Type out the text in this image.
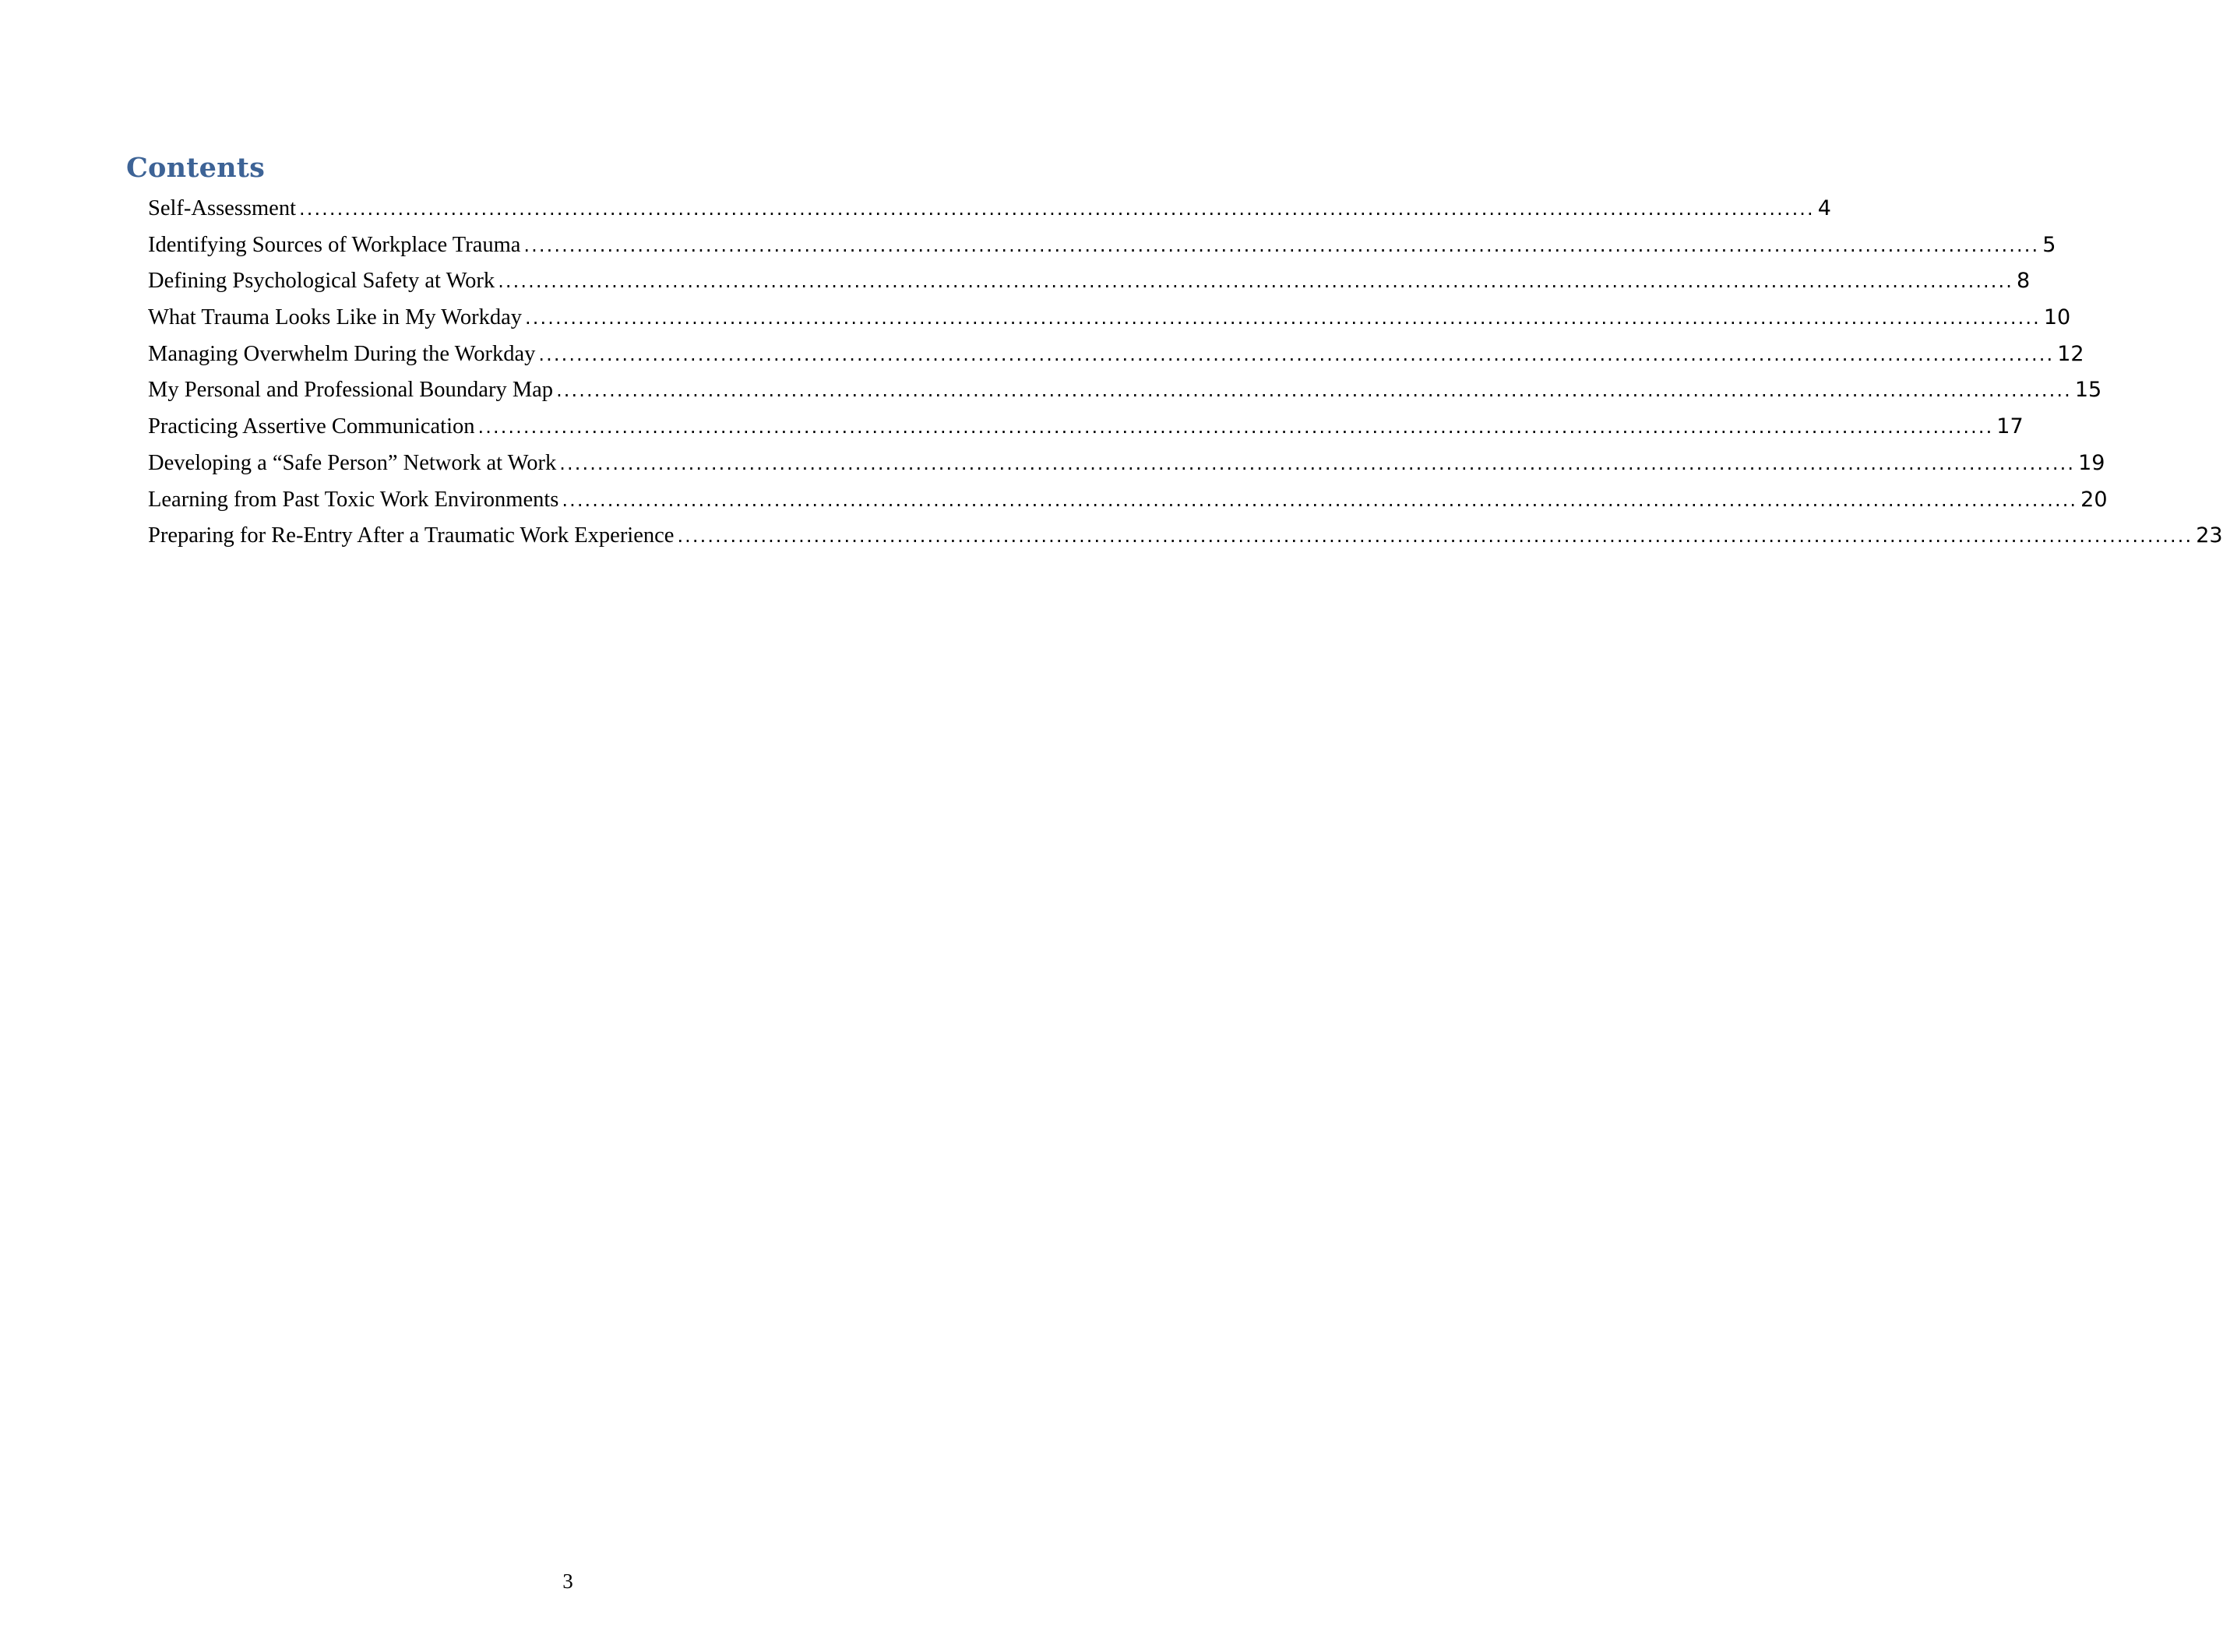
Contents
Self-Assessment ........................................................................................................................................................................................................ 4
Identifying Sources of Workplace Trauma ........................................................................................................................................................................................................ 5
Defining Psychological Safety at Work ........................................................................................................................................................................................................ 8
What Trauma Looks Like in My Workday ........................................................................................................................................................................................................ 10
Managing Overwhelm During the Workday ........................................................................................................................................................................................................ 12
My Personal and Professional Boundary Map ........................................................................................................................................................................................................ 15
Practicing Assertive Communication ........................................................................................................................................................................................................ 17
Developing a “Safe Person” Network at Work ........................................................................................................................................................................................................ 19
Learning from Past Toxic Work Environments ........................................................................................................................................................................................................ 20
Preparing for Re-Entry After a Traumatic Work Experience ........................................................................................................................................................................................................ 23
3
